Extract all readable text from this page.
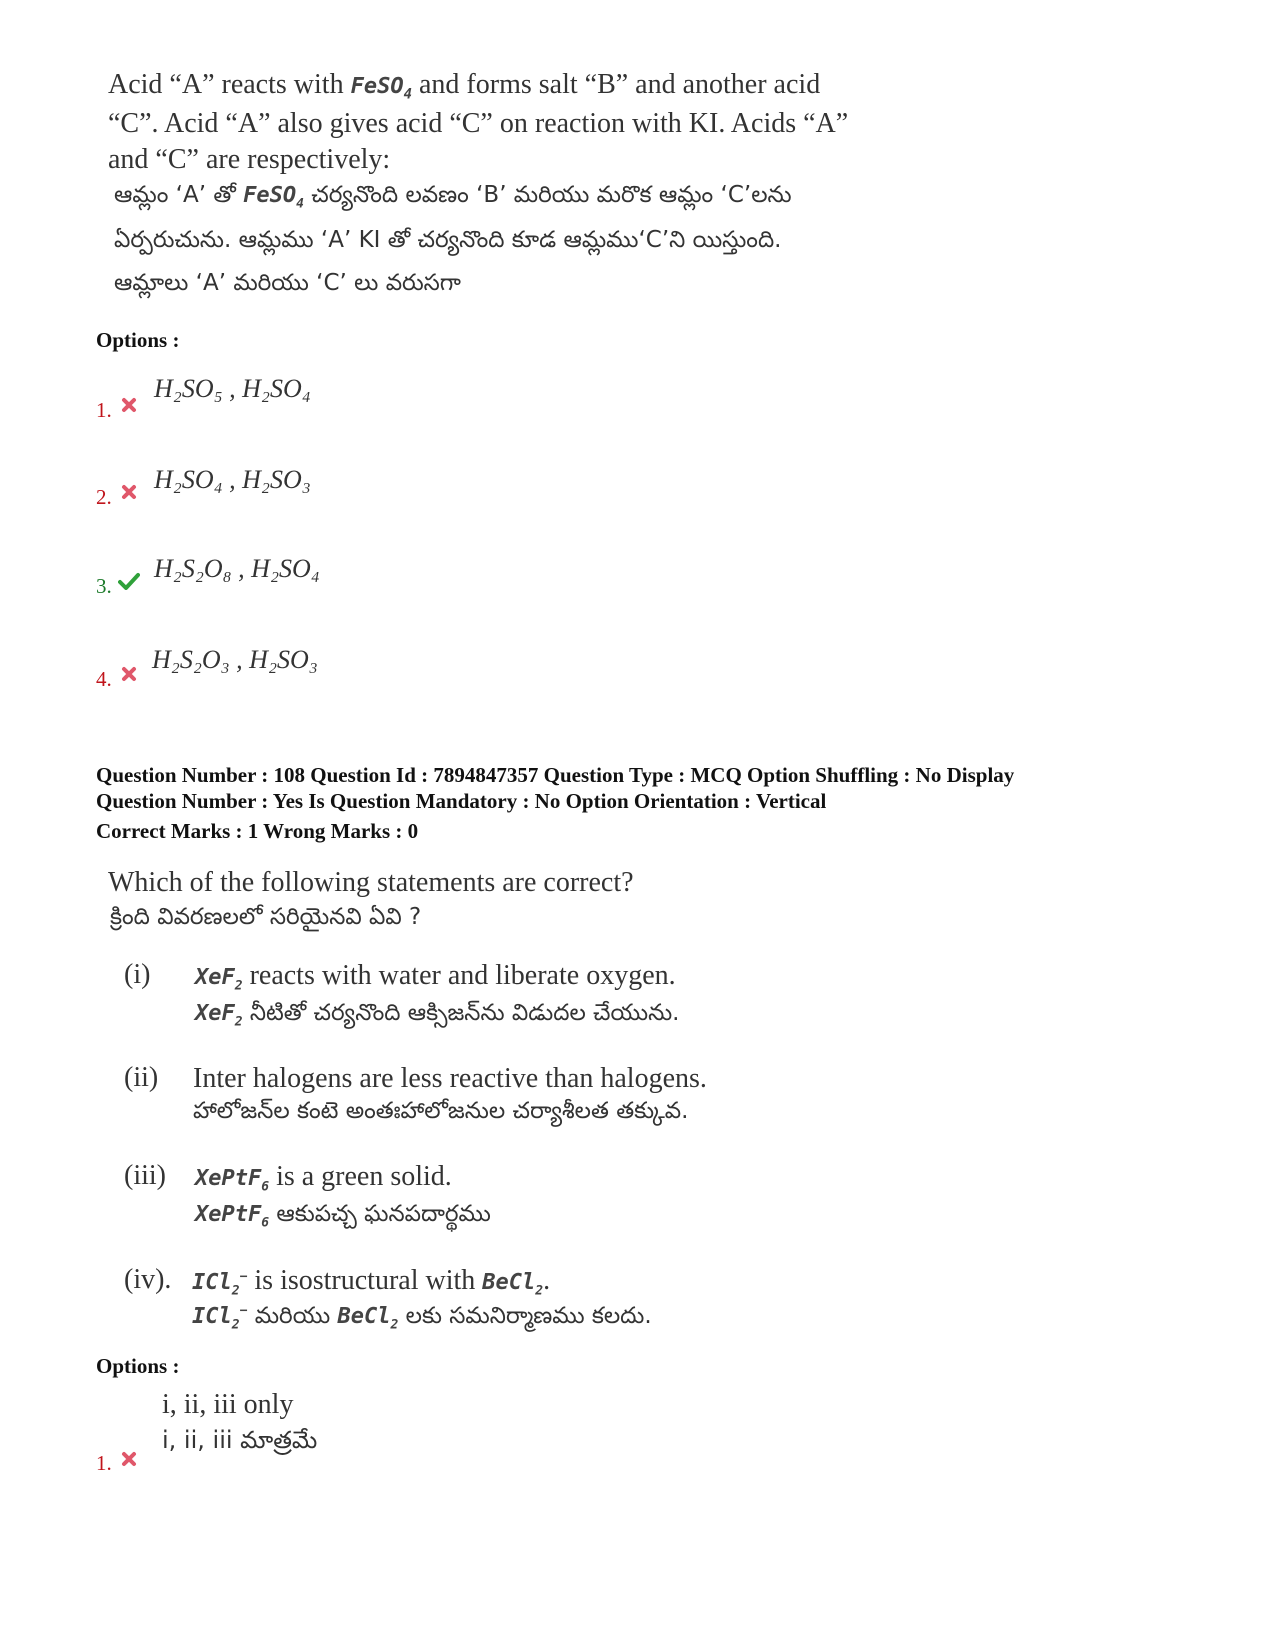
Acid “A” reacts with FeSO$_4$ and forms salt “B” and another acid
“C”. Acid “A” also gives acid “C” on reaction with KI. Acids “A”
and “C” are respectively:
ఆమ్లం ‘A’ తో FeSO$_4$ చర్యనొంది లవణం ‘B’ మరియు మరొక ఆమ్లం ‘C’లను
ఏర్పరుచును. ఆమ్లము ‘A’ KI తో చర్యనొంది కూడ ఆమ్లము‘C’ని యిస్తుంది.
ఆమ్లాలు ‘A’ మరియు ‘C’ లు వరుసగా
Options :
1.
H₂SO₅ , H₂SO₄
2.
H₂SO₄ , H₂SO₃
3.
H₂S₂O₈ , H₂SO₄
4.
H₂S₂O₃ , H₂SO₃
Question Number : 108 Question Id : 7894847357 Question Type : MCQ Option Shuffling : No Display
Question Number : Yes Is Question Mandatory : No Option Orientation : Vertical
Correct Marks : 1 Wrong Marks : 0
Which of the following statements are correct?
క్రింది వివరణలలో సరియైనవి ఏవి ?
(i) XeF$_2$ reacts with water and liberate oxygen.
XeF$_2$ నీటితో చర్యనొంది ఆక్సిజన్‌ను విడుదల చేయును.
(ii) Inter halogens are less reactive than halogens.
హాలోజన్‌ల కంటె అంతఃహాలోజనుల చర్యాశీలత తక్కువ.
(iii) XePtF$_6$ is a green solid.
XePtF$_6$ ఆకుపచ్చ ఘనపదార్థము
(iv). ICl$_2$− is isostructural with BeCl$_2$.
ICl$_2$− మరియు BeCl$_2$ లకు సమనిర్మాణము కలదు.
Options :
1.
i, ii, iii only
i, ii, iii మాత్రమే
